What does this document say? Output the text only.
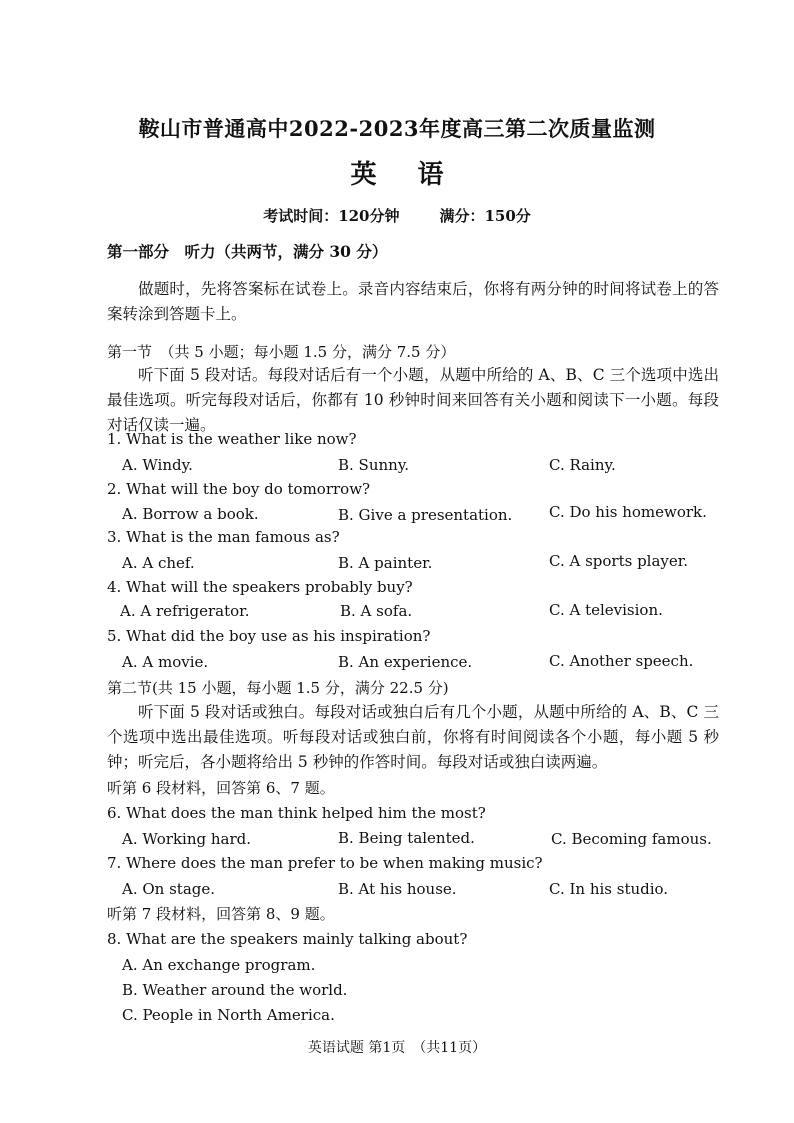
鞍山市普通高中2022-2023年度高三第二次质量监测
英 语
考试时间：120分钟	满分：150分
第一部分　听力（共两节，满分 30 分）
做题时，先将答案标在试卷上。录音内容结束后，你将有两分钟的时间将试卷上的答案转涂到答题卡上。
第一节　（共 5 小题；每小题 1.5 分，满分 7.5 分）
听下面 5 段对话。每段对话后有一个小题，从题中所给的 A、B、C 三个选项中选出最佳选项。听完每段对话后，你都有 10 秒钟时间来回答有关小题和阅读下一小题。每段对话仅读一遍。
1. What is the weather like now?
A. Windy.	B. Sunny.	C. Rainy.
2. What will the boy do tomorrow?
A. Borrow a book.	B. Give a presentation. C. Do his homework.
3. What is the man famous as?
A. A chef.	B. A painter.	C. A sports player.
4. What will the speakers probably buy?
A. A refrigerator.	B. A sofa.	C. A television.
5. What did the boy use as his inspiration?
A. A movie.	B. An experience.	C. Another speech.
第二节(共 15 小题，每小题 1.5 分，满分 22.5 分)
听下面 5 段对话或独白。每段对话或独白后有几个小题，从题中所给的 A、B、C 三个选项中选出最佳选项。听每段对话或独白前，你将有时间阅读各个小题，每小题 5 秒钟；听完后，各小题将给出 5 秒钟的作答时间。每段对话或独白读两遍。
听第 6 段材料，回答第 6、7 题。
6. What does the man think helped him the most?
A. Working hard.	B. Being talented.	C. Becoming famous.
7. Where does the man prefer to be when making music?
A. On stage.	B. At his house.	C. In his studio.
听第 7 段材料，回答第 8、9 题。
8. What are the speakers mainly talking about?
A. An exchange program.
B. Weather around the world.
C. People in North America.
英语试题 第1页　（共11页）
